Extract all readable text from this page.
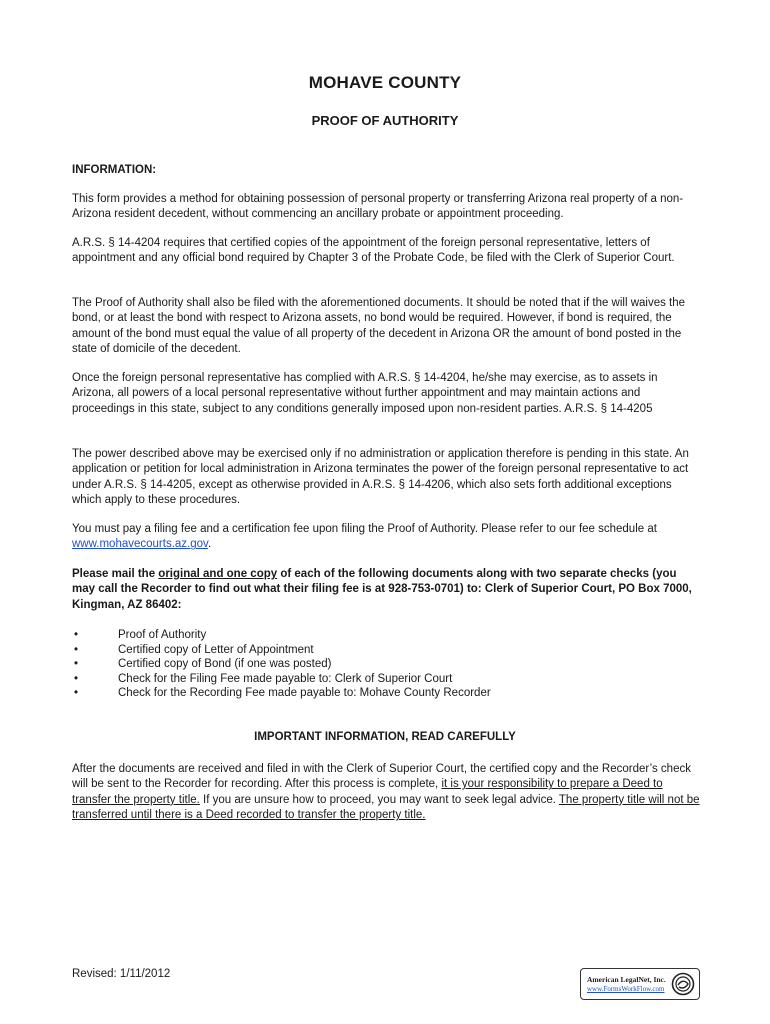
MOHAVE COUNTY
PROOF OF AUTHORITY
INFORMATION:

This form provides a method for obtaining possession of personal property or transferring Arizona real property of a non-Arizona resident decedent, without commencing an ancillary probate or appointment proceeding.

A.R.S. § 14-4204 requires that certified copies of the appointment of the foreign personal representative, letters of appointment and any official bond required by Chapter 3 of the Probate Code, be filed with the Clerk of Superior Court.

The Proof of Authority shall also be filed with the aforementioned documents. It should be noted that if the will waives the bond, or at least the bond with respect to Arizona assets, no bond would be required. However, if bond is required, the amount of the bond must equal the value of all property of the decedent in Arizona OR the amount of bond posted in the state of domicile of the decedent.

Once the foreign personal representative has complied with A.R.S. § 14-4204, he/she may exercise, as to assets in Arizona, all powers of a local personal representative without further appointment and may maintain actions and proceedings in this state, subject to any conditions generally imposed upon non-resident parties. A.R.S. § 14-4205

The power described above may be exercised only if no administration or application therefore is pending in this state. An application or petition for local administration in Arizona terminates the power of the foreign personal representative to act under A.R.S. § 14-4205, except as otherwise provided in A.R.S. § 14-4206, which also sets forth additional exceptions which apply to these procedures.

You must pay a filing fee and a certification fee upon filing the Proof of Authority. Please refer to our fee schedule at www.mohavecourts.az.gov.

Please mail the original and one copy of each of the following documents along with two separate checks (you may call the Recorder to find out what their filing fee is at 928-753-0701) to: Clerk of Superior Court, PO Box 7000, Kingman, AZ 86402:

•	Proof of Authority
•	Certified copy of Letter of Appointment
•	Certified copy of Bond (if one was posted)
•	Check for the Filing Fee made payable to: Clerk of Superior Court
•	Check for the Recording Fee made payable to: Mohave County Recorder
IMPORTANT INFORMATION, READ CAREFULLY

After the documents are received and filed in with the Clerk of Superior Court, the certified copy and the Recorder’s check will be sent to the Recorder for recording. After this process is complete, it is your responsibility to prepare a Deed to transfer the property title. If you are unsure how to proceed, you may want to seek legal advice. The property title will not be transferred until there is a Deed recorded to transfer the property title.

Revised: 1/11/2012	American LegalNet, Inc.
www.FormsWorkFlow.com
